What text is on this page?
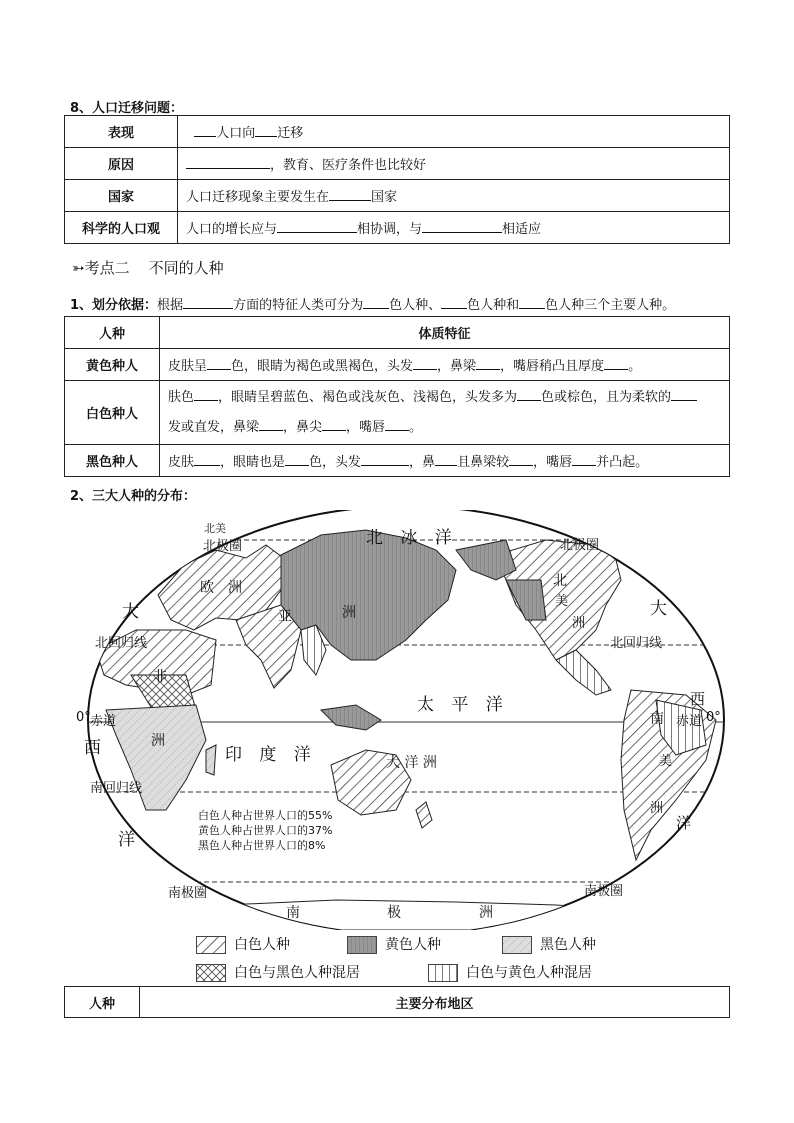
8、人口迁移问题：
表现	人口向 迁移
原因	，教育、医疗条件也比较好
国家	人口迁移现象主要发生在 国家
科学的人口观	人口的增长应与 相协调，与 相适应
➳考点二 不同的人种
1、划分依据：根据	方面的特征人类可分为 色人种、 色人种和 色人种三个主要人种。
人种	体质特征
黄色种人	皮肤呈 色，眼睛为褐色或黑褐色，头发 ，鼻梁 ，嘴唇稍凸且厚度 。
白色种人	肤色 ，眼睛呈碧蓝色、褐色或浅灰色、浅褐色，头发多为 色或棕色，且为柔软的
发或直发，鼻梁 ，鼻尖 ，嘴唇 。
黑色种人	皮肤 ，眼睛也是 色，头发 ，鼻 且鼻梁较 ，嘴唇 并凸起。
2、三大人种的分布：
北极圈	北极圈
北 冰 洋
北美
欧 洲
亚	洲
大
北回归线	北回归线
非
洲
太 平 洋
0° 赤道	赤道 0°
西	印 度 洋	大 洋 洲
南回归线
洋
北
美
洲
大
西
洋
南
美
洲
白色人种占世界人口的55%
黄色人种占世界人口的37%
黑色人种占世界人口的8%
南极圈	南极圈
南	极	洲
白色人种	黄色人种	黑色人种
白色与黑色人种混居	白色与黄色人种混居
人种	主要分布地区
